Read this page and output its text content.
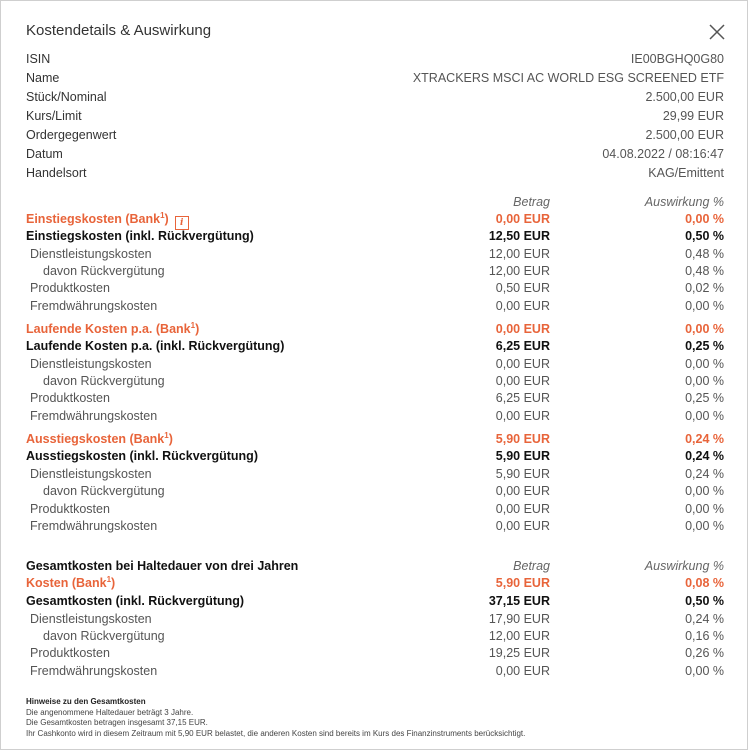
Kostendetails & Auswirkung
ISIN	IE00BGHQ0G80
Name	XTRACKERS MSCI AC WORLD ESG SCREENED ETF
Stück/Nominal	2.500,00 EUR
Kurs/Limit	29,99 EUR
Ordergegenwert	2.500,00 EUR
Datum	04.08.2022 / 08:16:47
Handelsort	KAG/Emittent
Betrag	Auswirkung %
Einstiegskosten (Bank$^1$) i	0,00 EUR	0,00 %
Einstiegskosten (inkl. Rückvergütung)	12,50 EUR	0,50 %
Dienstleistungskosten	12,00 EUR	0,48 %
davon Rückvergütung	12,00 EUR	0,48 %
Produktkosten	0,50 EUR	0,02 %
Fremdwährungskosten	0,00 EUR	0,00 %
Laufende Kosten p.a. (Bank$^1$)	0,00 EUR	0,00 %
Laufende Kosten p.a. (inkl. Rückvergütung)	6,25 EUR	0,25 %
Dienstleistungskosten	0,00 EUR	0,00 %
davon Rückvergütung	0,00 EUR	0,00 %
Produktkosten	6,25 EUR	0,25 %
Fremdwährungskosten	0,00 EUR	0,00 %
Ausstiegskosten (Bank$^1$)	5,90 EUR	0,24 %
Ausstiegskosten (inkl. Rückvergütung)	5,90 EUR	0,24 %
Dienstleistungskosten	5,90 EUR	0,24 %
davon Rückvergütung	0,00 EUR	0,00 %
Produktkosten	0,00 EUR	0,00 %
Fremdwährungskosten	0,00 EUR	0,00 %
Gesamtkosten bei Haltedauer von drei Jahren	Betrag	Auswirkung %
Kosten (Bank$^1$)	5,90 EUR	0,08 %
Gesamtkosten (inkl. Rückvergütung)	37,15 EUR	0,50 %
Dienstleistungskosten	17,90 EUR	0,24 %
davon Rückvergütung	12,00 EUR	0,16 %
Produktkosten	19,25 EUR	0,26 %
Fremdwährungskosten	0,00 EUR	0,00 %
Hinweise zu den Gesamtkosten
Die angenommene Haltedauer beträgt 3 Jahre.
Die Gesamtkosten betragen insgesamt 37,15 EUR.
Ihr Cashkonto wird in diesem Zeitraum mit 5,90 EUR belastet, die anderen Kosten sind bereits im Kurs des Finanzinstruments berücksichtigt.
